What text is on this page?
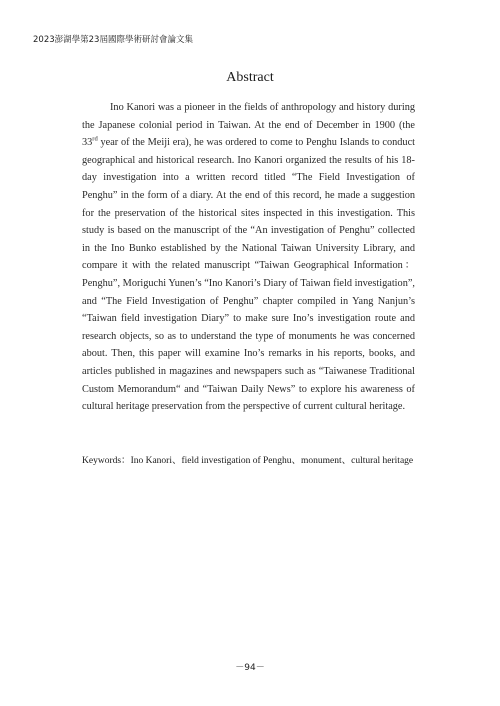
2023澎湖學第23屆國際學術研討會論文集
Abstract

Ino Kanori was a pioneer in the fields of anthropology and history during the Japanese colonial period in Taiwan. At the end of December in 1900 (the 33rd year of the Meiji era), he was ordered to come to Penghu Islands to conduct geographical and historical research. Ino Kanori organized the results of his 18-day investigation into a written record titled “The Field Investigation of Penghu” in the form of a diary. At the end of this record, he made a suggestion for the preservation of the historical sites inspected in this investigation. This study is based on the manuscript of the “An investigation of Penghu” collected in the Ino Bunko established by the National Taiwan University Library, and compare it with the related manuscript “Taiwan Geographical Information： Penghu”, Moriguchi Yunen’s “Ino Kanori’s Diary of Taiwan field investigation”, and “The Field Investigation of Penghu” chapter compiled in Yang Nanjun’s “Taiwan field investigation Diary” to make sure Ino’s investigation route and research objects, so as to understand the type of monuments he was concerned about. Then, this paper will examine Ino’s remarks in his reports, books, and articles published in magazines and newspapers such as “Taiwanese Traditional Custom Memorandum“ and “Taiwan Daily News” to explore his awareness of cultural heritage preservation from the perspective of current cultural heritage.

Keywords：Ino Kanori、field investigation of Penghu、monument、cultural heritage
－94－
